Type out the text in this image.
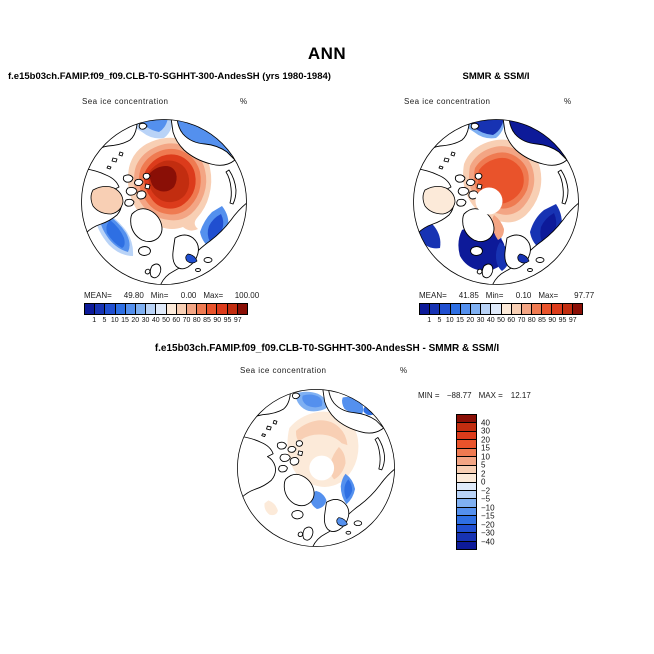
ANN
f.e15b03ch.FAMIP.f09_f09.CLB-T0-SGHHT-300-AndesSH (yrs 1980-1984)	SMMR & SSM/I
Sea ice concentration	%	Sea ice concentration	%
MEAN=	49.80 Min=	0.00 Max=	100.00	MEAN=	41.85 Min=	0.10 Max=	97.77
1 5 10 15 20 30 40 50 60 70 80 85 90 95 97	1 5 10 15 20 30 40 50 60 70 80 85 90 95 97
f.e15b03ch.FAMIP.f09_f09.CLB-T0-SGHHT-300-AndesSH - SMMR & SSM/I
Sea ice concentration	%
MIN = −88.77 MAX = 12.17
40
30
20
15
10
5
2
0
−2
−5
−10
−15
−20
−30
−40
